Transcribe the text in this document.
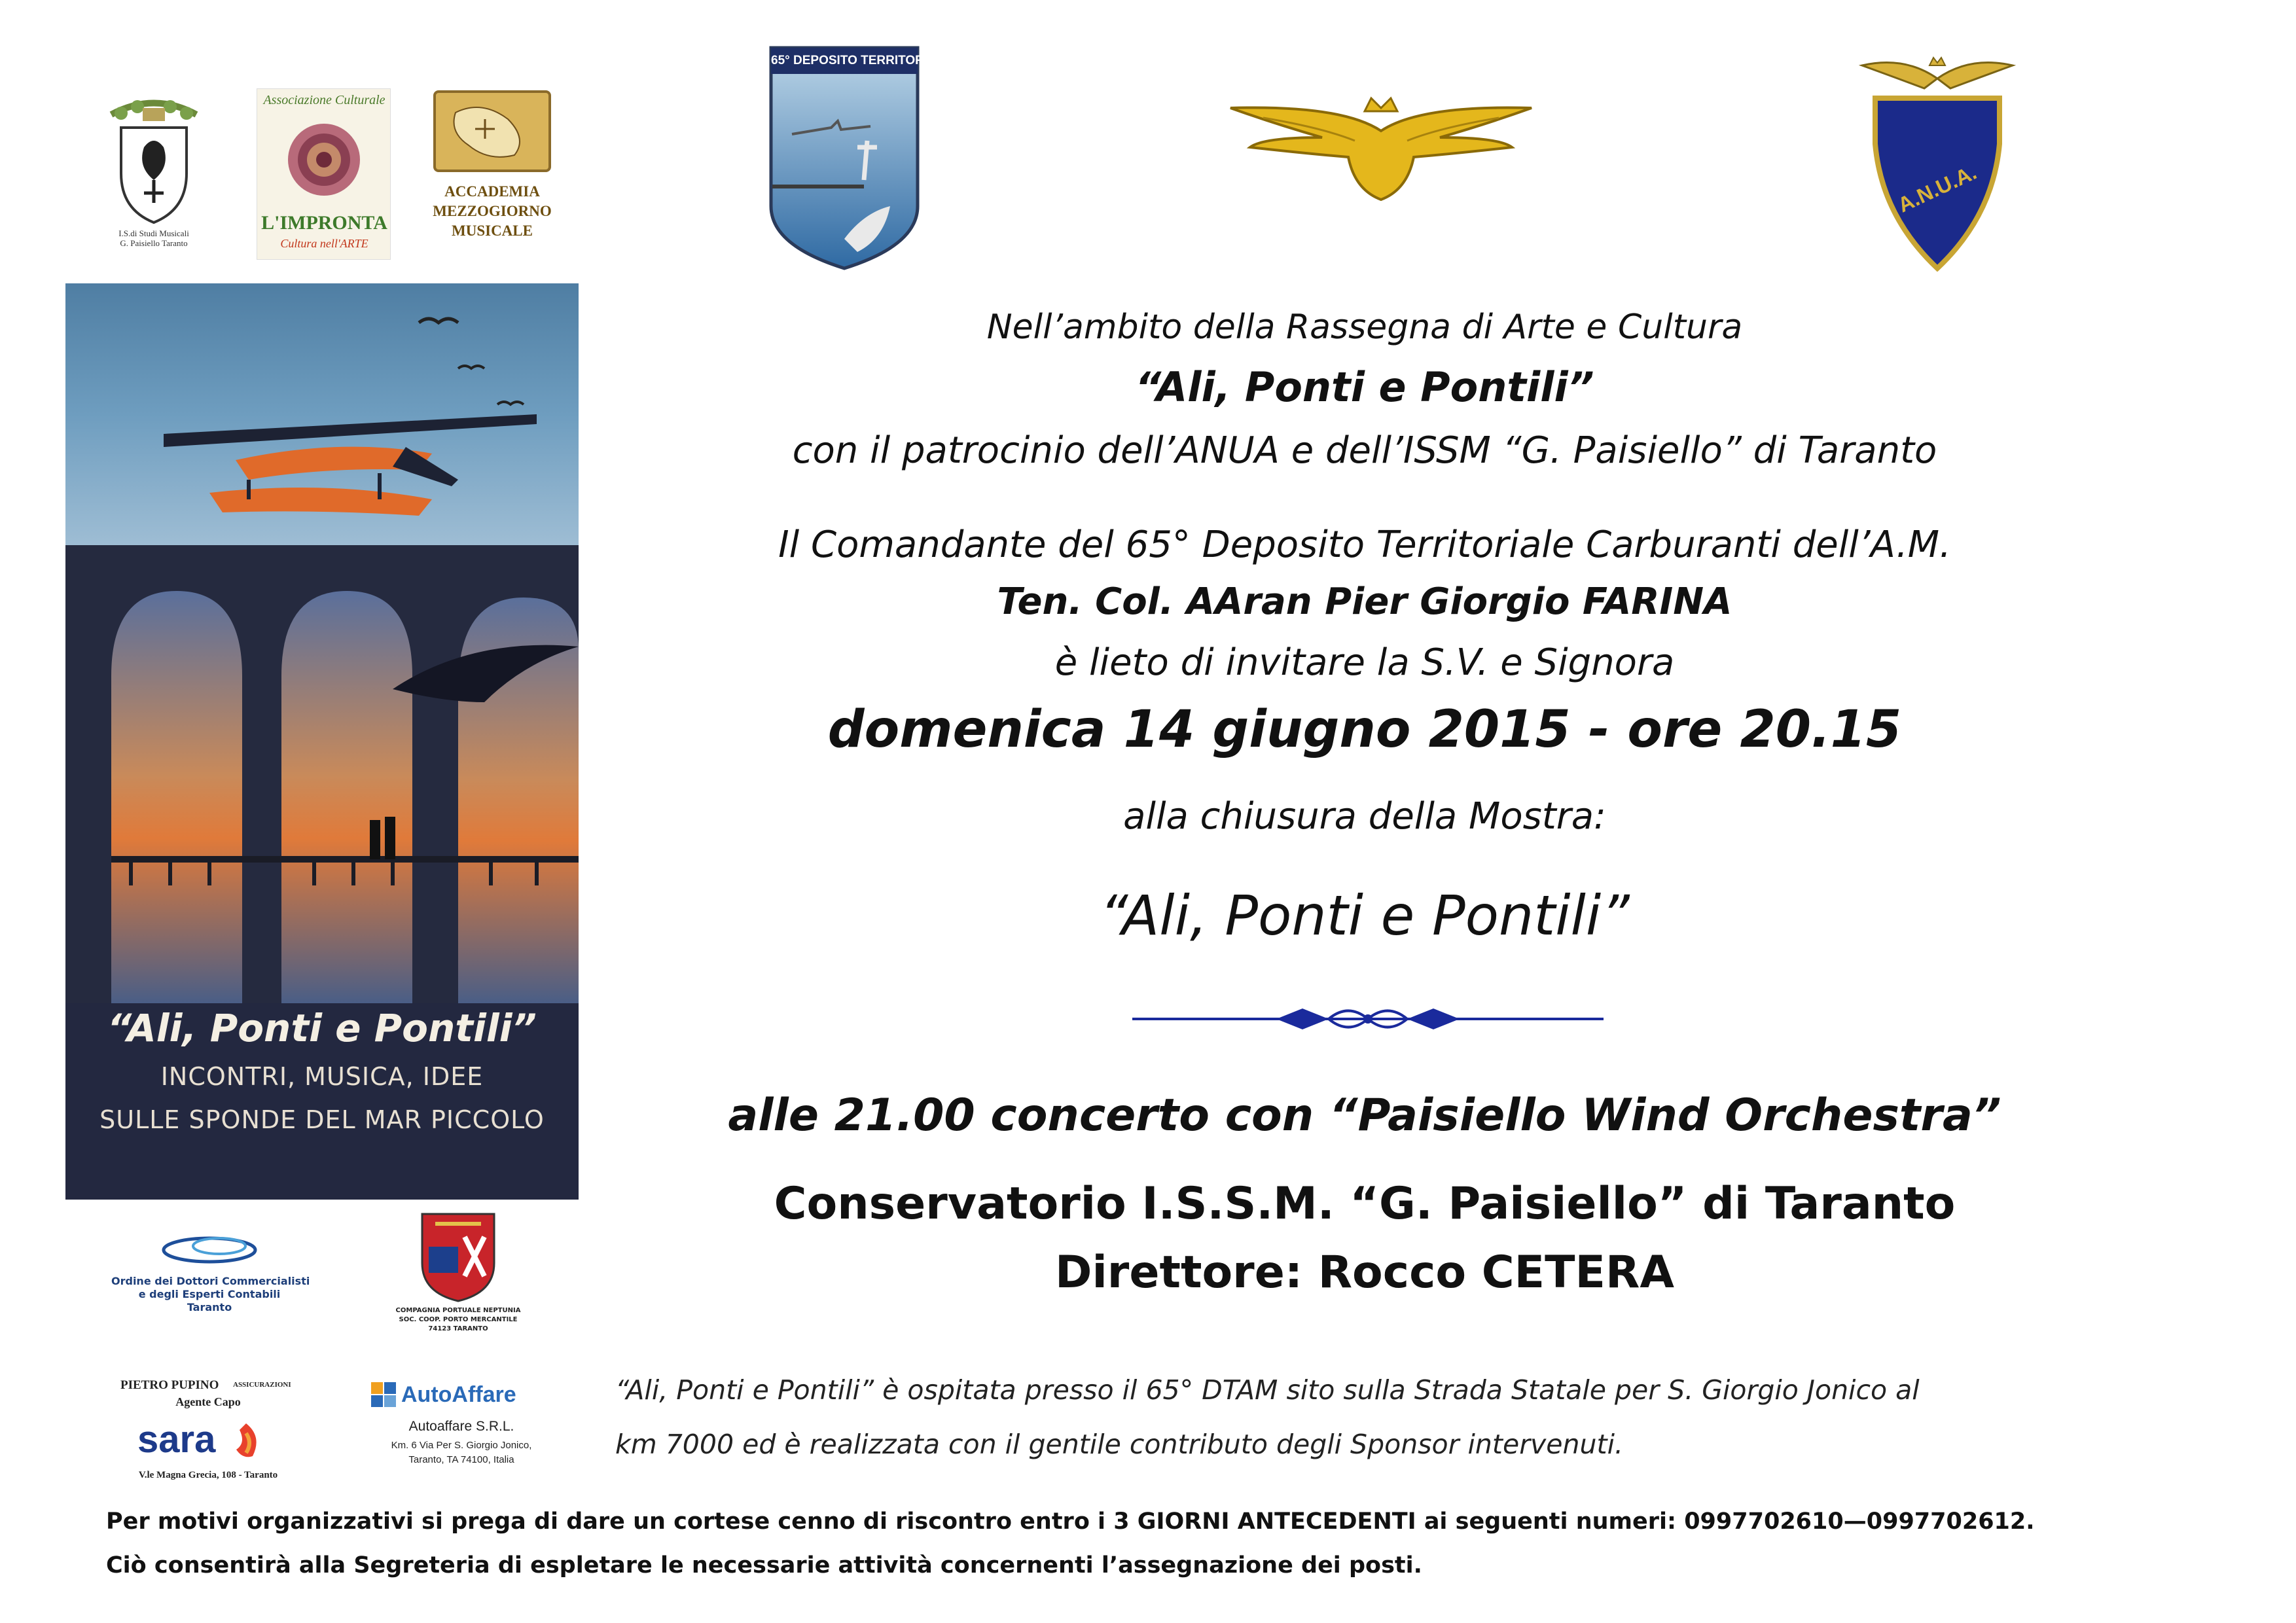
I.S.di Studi Musicali
G. Paisiello Taranto
Associazione Culturale
L'IMPRONTA
Cultura nell'ARTE
ACCADEMIA
MEZZOGIORNO
MUSICALE
65° DEPOSITO TERRITORIALE
A.N.U.A.
“Ali, Ponti e Pontili”
INCONTRI, MUSICA, IDEE
SULLE SPONDE DEL MAR PICCOLO
Nell’ambito della Rassegna di Arte e Cultura
“Ali, Ponti e Pontili”
con il patrocinio dell’ANUA e dell’ISSM “G. Paisiello” di Taranto
Il Comandante del 65° Deposito Territoriale Carburanti dell’A.M.
Ten. Col. AAran Pier Giorgio FARINA
è lieto di invitare la S.V. e Signora
domenica 14 giugno 2015 - ore 20.15
alla chiusura della Mostra:
“Ali, Ponti e Pontili”
alle 21.00 concerto con “Paisiello Wind Orchestra”
Conservatorio I.S.S.M. “G. Paisiello” di Taranto
Direttore: Rocco CETERA
Ordine dei Dottori Commercialisti
e degli Esperti Contabili
Taranto	COMPAGNIA PORTUALE NEPTUNIA
SOC. COOP. PORTO MERCANTILE
74123 TARANTO
PIETRO PUPINO ASSICURAZIONI
Agente Capo
sara
V.le Magna Grecia, 108 - Taranto
AutoAffare
Autoaffare S.R.L.
Km. 6 Via Per S. Giorgio Jonico,
Taranto, TA 74100, Italia
“Ali, Ponti e Pontili” è ospitata presso il 65° DTAM sito sulla Strada Statale per S. Giorgio Jonico al
km 7000 ed è realizzata con il gentile contributo degli Sponsor intervenuti.
Per motivi organizzativi si prega di dare un cortese cenno di riscontro entro i 3 GIORNI ANTECEDENTI ai seguenti numeri: 0997702610—0997702612.
Ciò consentirà alla Segreteria di espletare le necessarie attività concernenti l’assegnazione dei posti.
